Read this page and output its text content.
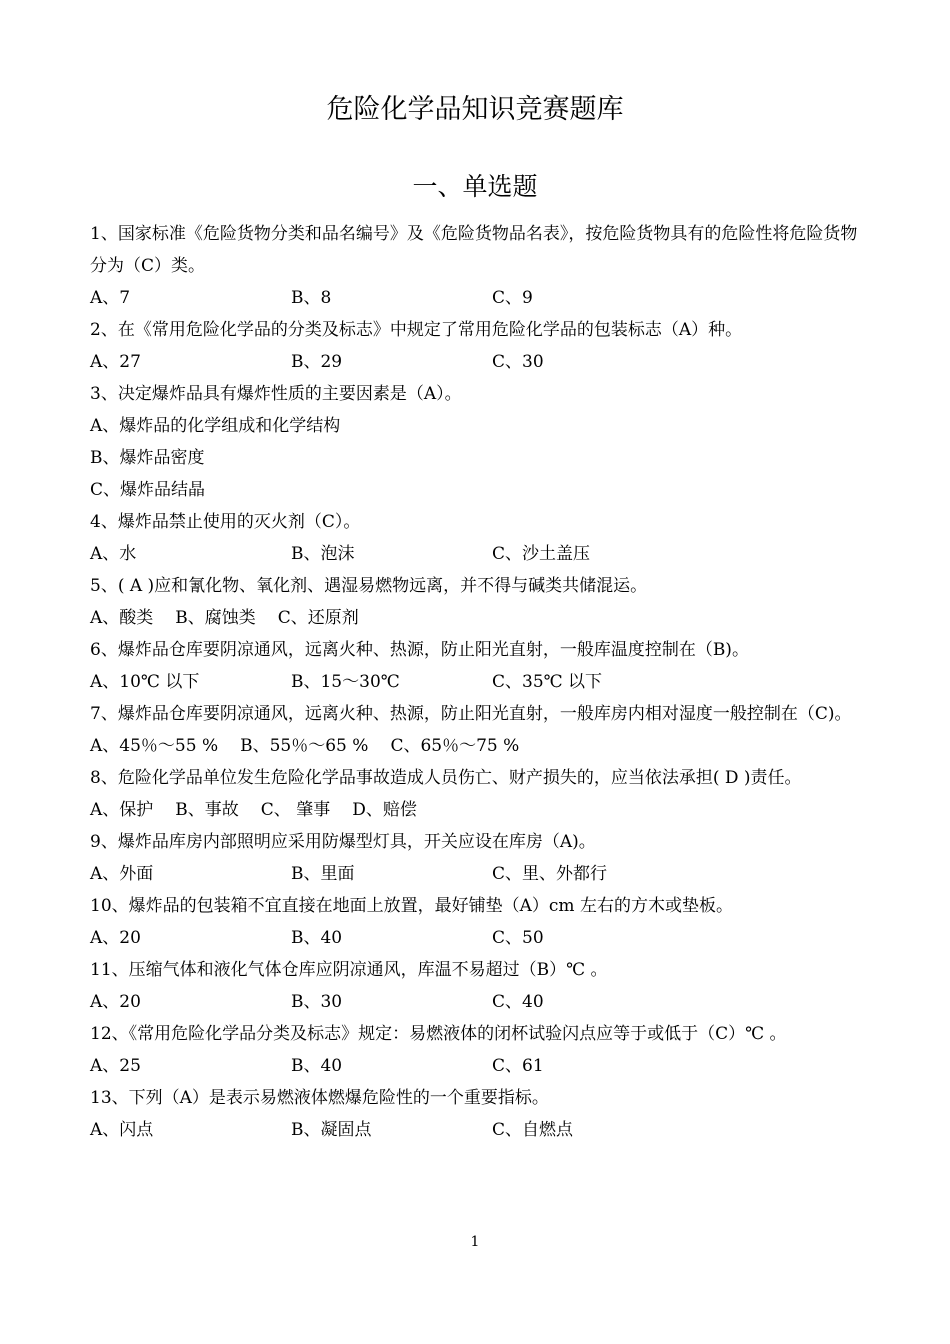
危险化学品知识竞赛题库
一、单选题

1、国家标准《危险货物分类和品名编号》及《危险货物品名表》，按危险货物具有的危险性将危险货物分为（C）类。

A、7	B、8	C、9

2、在《常用危险化学品的分类及标志》中规定了常用危险化学品的包装标志（A）种。

A、27	B、29	C、30

3、决定爆炸品具有爆炸性质的主要因素是（A）。

A、爆炸品的化学组成和化学结构

B、爆炸品密度

C、爆炸品结晶

4、爆炸品禁止使用的灭火剂（C）。

A、水	B、泡沫	C、沙土盖压

5、( A )应和氰化物、氧化剂、遇湿易燃物远离，并不得与碱类共储混运。

A、酸类 B、腐蚀类 C、还原剂

6、爆炸品仓库要阴凉通风，远离火种、热源，防止阳光直射，一般库温度控制在（B)。

A、10℃ 以下	B、15～30℃	C、35℃ 以下

7、爆炸品仓库要阴凉通风，远离火种、热源，防止阳光直射，一般库房内相对湿度一般控制在（C)。

A、45％～55 % B、55％～65 % C、65％～75 %

8、危险化学品单位发生危险化学品事故造成人员伤亡、财产损失的，应当依法承担( D )责任。

A、保护 B、事故 C、 肇事 D、赔偿

9、爆炸品库房内部照明应采用防爆型灯具，开关应设在库房（A)。

A、外面	B、里面	C、里、外都行

10、爆炸品的包装箱不宜直接在地面上放置，最好铺垫（A）cm 左右的方木或垫板。

A、20	B、40	C、50

11、压缩气体和液化气体仓库应阴凉通风，库温不易超过（B）℃ 。

A、20	B、30	C、40

12、《常用危险化学品分类及标志》规定：易燃液体的闭杯试验闪点应等于或低于（C）℃ 。

A、25	B、40	C、61

13、下列（A）是表示易燃液体燃爆危险性的一个重要指标。

A、闪点	B、凝固点	C、自燃点
1
